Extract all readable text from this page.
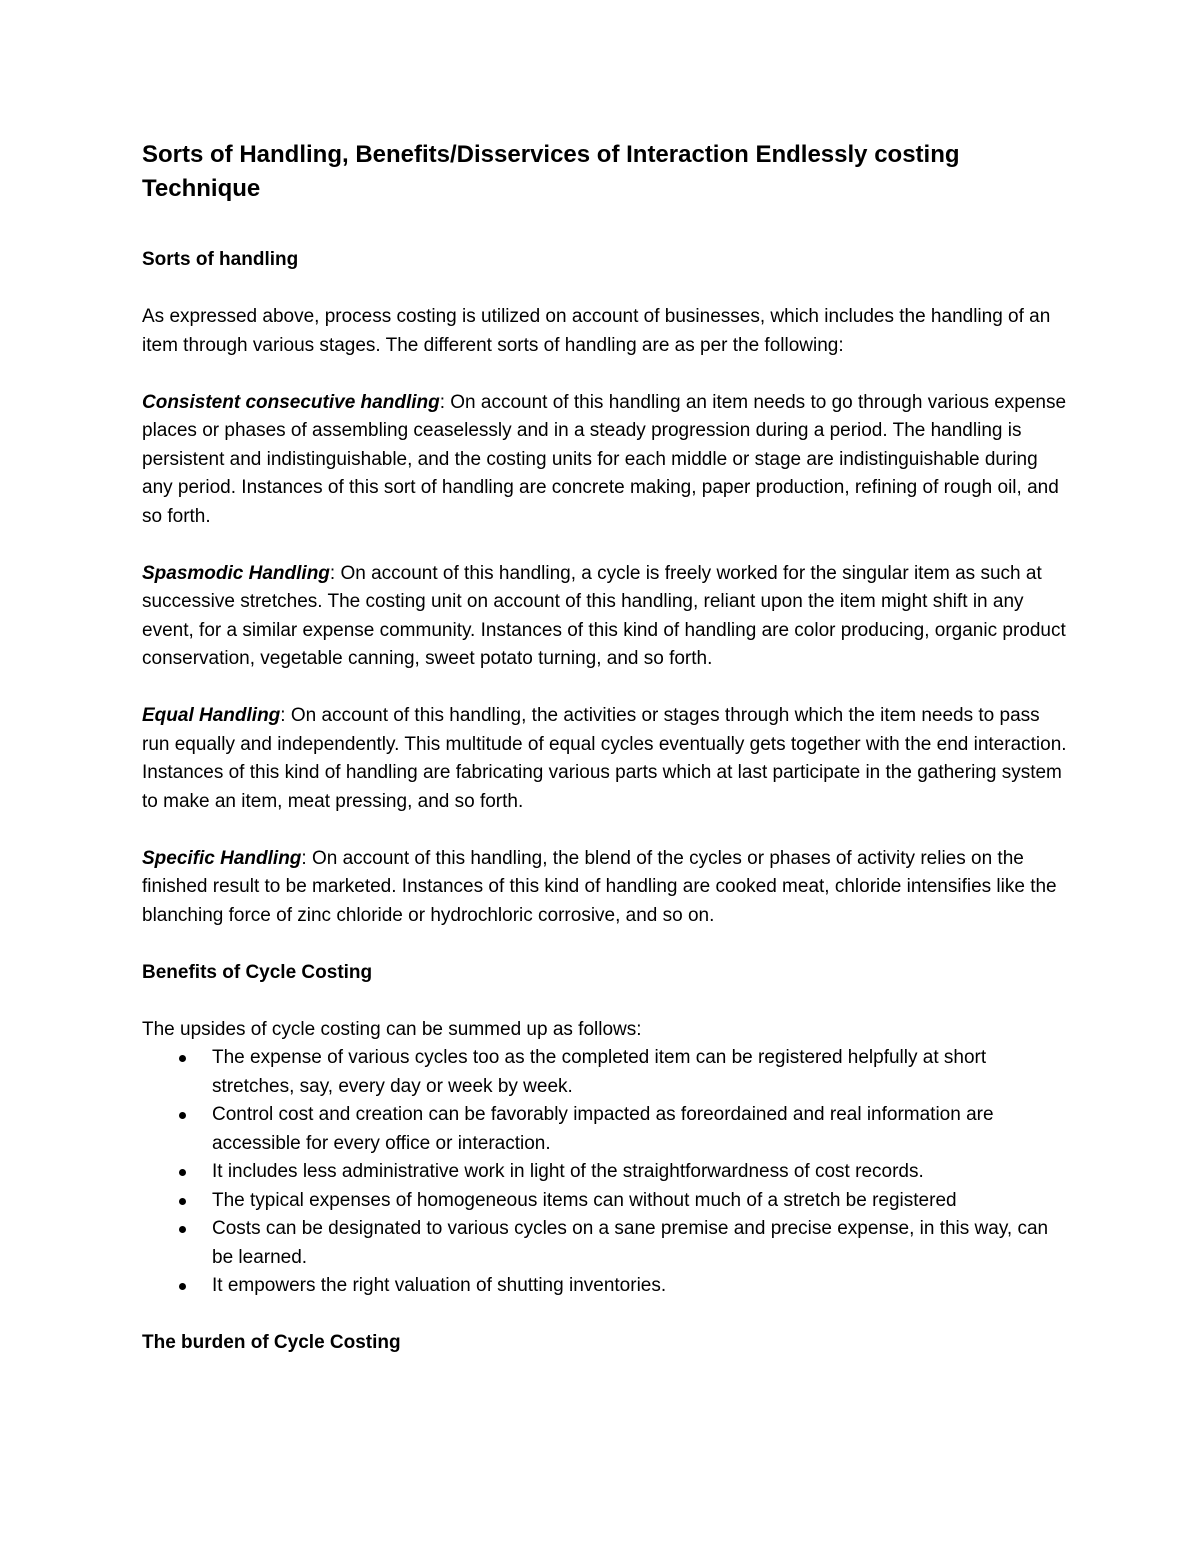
Sorts of Handling, Benefits/Disservices of Interaction Endlessly costing Technique
Sorts of handling

As expressed above, process costing is utilized on account of businesses, which includes the handling of an item through various stages. The different sorts of handling are as per the following:

Consistent consecutive handling: On account of this handling an item needs to go through various expense places or phases of assembling ceaselessly and in a steady progression during a period. The handling is persistent and indistinguishable, and the costing units for each middle or stage are indistinguishable during any period. Instances of this sort of handling are concrete making, paper production, refining of rough oil, and so forth.

Spasmodic Handling: On account of this handling, a cycle is freely worked for the singular item as such at successive stretches. The costing unit on account of this handling, reliant upon the item might shift in any event, for a similar expense community. Instances of this kind of handling are color producing, organic product conservation, vegetable canning, sweet potato turning, and so forth.

Equal Handling: On account of this handling, the activities or stages through which the item needs to pass run equally and independently. This multitude of equal cycles eventually gets together with the end interaction. Instances of this kind of handling are fabricating various parts which at last participate in the gathering system to make an item, meat pressing, and so forth.

Specific Handling: On account of this handling, the blend of the cycles or phases of activity relies on the finished result to be marketed. Instances of this kind of handling are cooked meat, chloride intensifies like the blanching force of zinc chloride or hydrochloric corrosive, and so on.

Benefits of Cycle Costing

The upsides of cycle costing can be summed up as follows:

The expense of various cycles too as the completed item can be registered helpfully at short stretches, say, every day or week by week.
Control cost and creation can be favorably impacted as foreordained and real information are accessible for every office or interaction.
It includes less administrative work in light of the straightforwardness of cost records.
The typical expenses of homogeneous items can without much of a stretch be registered
Costs can be designated to various cycles on a sane premise and precise expense, in this way, can be learned.
It empowers the right valuation of shutting inventories.
The burden of Cycle Costing
